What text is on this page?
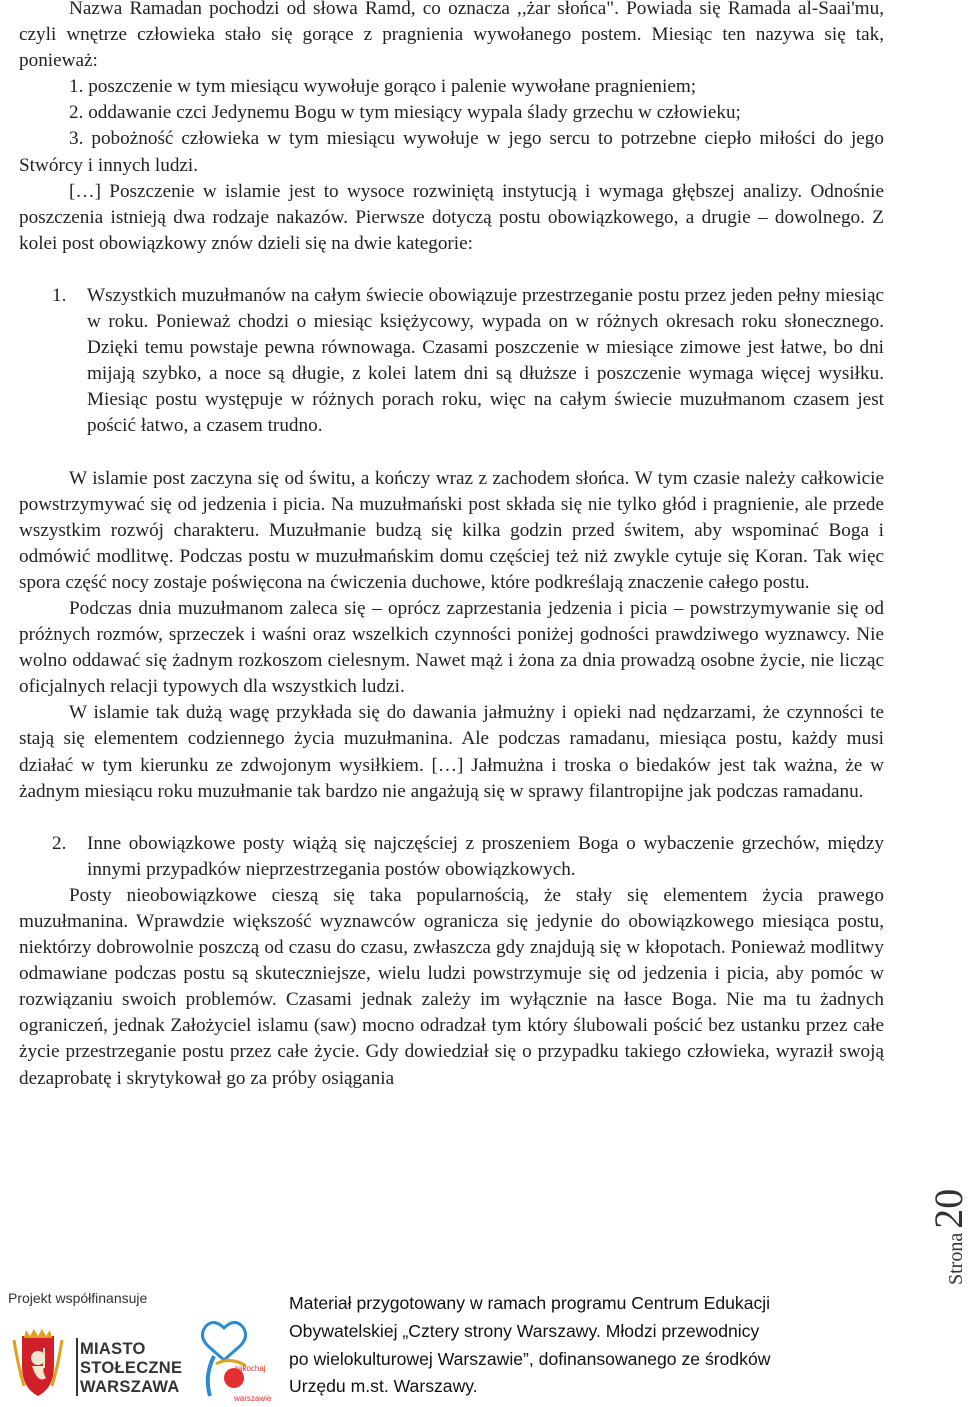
Nazwa Ramadan pochodzi od słowa Ramd, co oznacza ,,żar słońca". Powiada się Ramada al-Saai'mu, czyli wnętrze człowieka stało się gorące z pragnienia wywołanego postem. Miesiąc ten nazywa się tak, ponieważ:

1. poszczenie w tym miesiącu wywołuje gorąco i palenie wywołane pragnieniem;

2. oddawanie czci Jedynemu Bogu w tym miesiący wypala ślady grzechu w człowieku;

3. pobożność człowieka w tym miesiącu wywołuje w jego sercu to potrzebne ciepło miłości do jego Stwórcy i innych ludzi.

[…] Poszczenie w islamie jest to wysoce rozwiniętą instytucją i wymaga głębszej analizy. Odnośnie poszczenia istnieją dwa rodzaje nakazów. Pierwsze dotyczą postu obowiązkowego, a drugie – dowolnego. Z kolei post obowiązkowy znów dzieli się na dwie kategorie:

1.	Wszystkich muzułmanów na całym świecie obowiązuje przestrzeganie postu przez jeden pełny miesiąc w roku. Ponieważ chodzi o miesiąc księżycowy, wypada on w różnych okresach roku słonecznego. Dzięki temu powstaje pewna równowaga. Czasami poszczenie w miesiące zimowe jest łatwe, bo dni mijają szybko, a noce są długie, z kolei latem dni są dłuższe i poszczenie wymaga więcej wysiłku. Miesiąc postu występuje w różnych porach roku, więc na całym świecie muzułmanom czasem jest pościć łatwo, a czasem trudno.

W islamie post zaczyna się od świtu, a kończy wraz z zachodem słońca. W tym czasie należy całkowicie powstrzymywać się od jedzenia i picia. Na muzułmański post składa się nie tylko głód i pragnienie, ale przede wszystkim rozwój charakteru. Muzułmanie budzą się kilka godzin przed świtem, aby wspominać Boga i odmówić modlitwę. Podczas postu w muzułmańskim domu częściej też niż zwykle cytuje się Koran. Tak więc spora część nocy zostaje poświęcona na ćwiczenia duchowe, które podkreślają znaczenie całego postu.

Podczas dnia muzułmanom zaleca się – oprócz zaprzestania jedzenia i picia – powstrzymywanie się od próżnych rozmów, sprzeczek i waśni oraz wszelkich czynności poniżej godności prawdziwego wyznawcy. Nie wolno oddawać się żadnym rozkoszom cielesnym. Nawet mąż i żona za dnia prowadzą osobne życie, nie licząc oficjalnych relacji typowych dla wszystkich ludzi.

W islamie tak dużą wagę przykłada się do dawania jałmużny i opieki nad nędzarzami, że czynności te stają się elementem codziennego życia muzułmanina. Ale podczas ramadanu, miesiąca postu, każdy musi działać w tym kierunku ze zdwojonym wysiłkiem. […] Jałmużna i troska o biedaków jest tak ważna, że w żadnym miesiącu roku muzułmanie tak bardzo nie angażują się w sprawy filantropijne jak podczas ramadanu.

2.	Inne obowiązkowe posty wiążą się najczęściej z proszeniem Boga o wybaczenie grzechów, między innymi przypadków nieprzestrzegania postów obowiązkowych.

Posty nieobowiązkowe cieszą się taka popularnością, że stały się elementem życia prawego muzułmanina. Wprawdzie większość wyznawców ogranicza się jedynie do obowiązkowego miesiąca postu, niektórzy dobrowolnie poszczą od czasu do czasu, zwłaszcza gdy znajdują się w kłopotach. Ponieważ modlitwy odmawiane podczas postu są skuteczniejsze, wielu ludzi powstrzymuje się od jedzenia i picia, aby pomóc w rozwiązaniu swoich problemów. Czasami jednak zależy im wyłącznie na łasce Boga. Nie ma tu żadnych ograniczeń, jednak Założyciel islamu (saw) mocno odradzał tym który ślubowali pościć bez ustanku przez całe życie przestrzeganie postu przez całe życie. Gdy dowiedział się o przypadku takiego człowieka, wyraził swoją dezaprobatę i skrytykował go za próby osiągania

Strona20
Projekt współfinansuje
MIASTO
STOŁECZNE
WARSZAWA
zakochaj
warszawie
Materiał przygotowany w ramach programu Centrum Edukacji
Obywatelskiej „Cztery strony Warszawy. Młodzi przewodnicy
po wielokulturowej Warszawie”, dofinansowanego ze środków
Urzędu m.st. Warszawy.
